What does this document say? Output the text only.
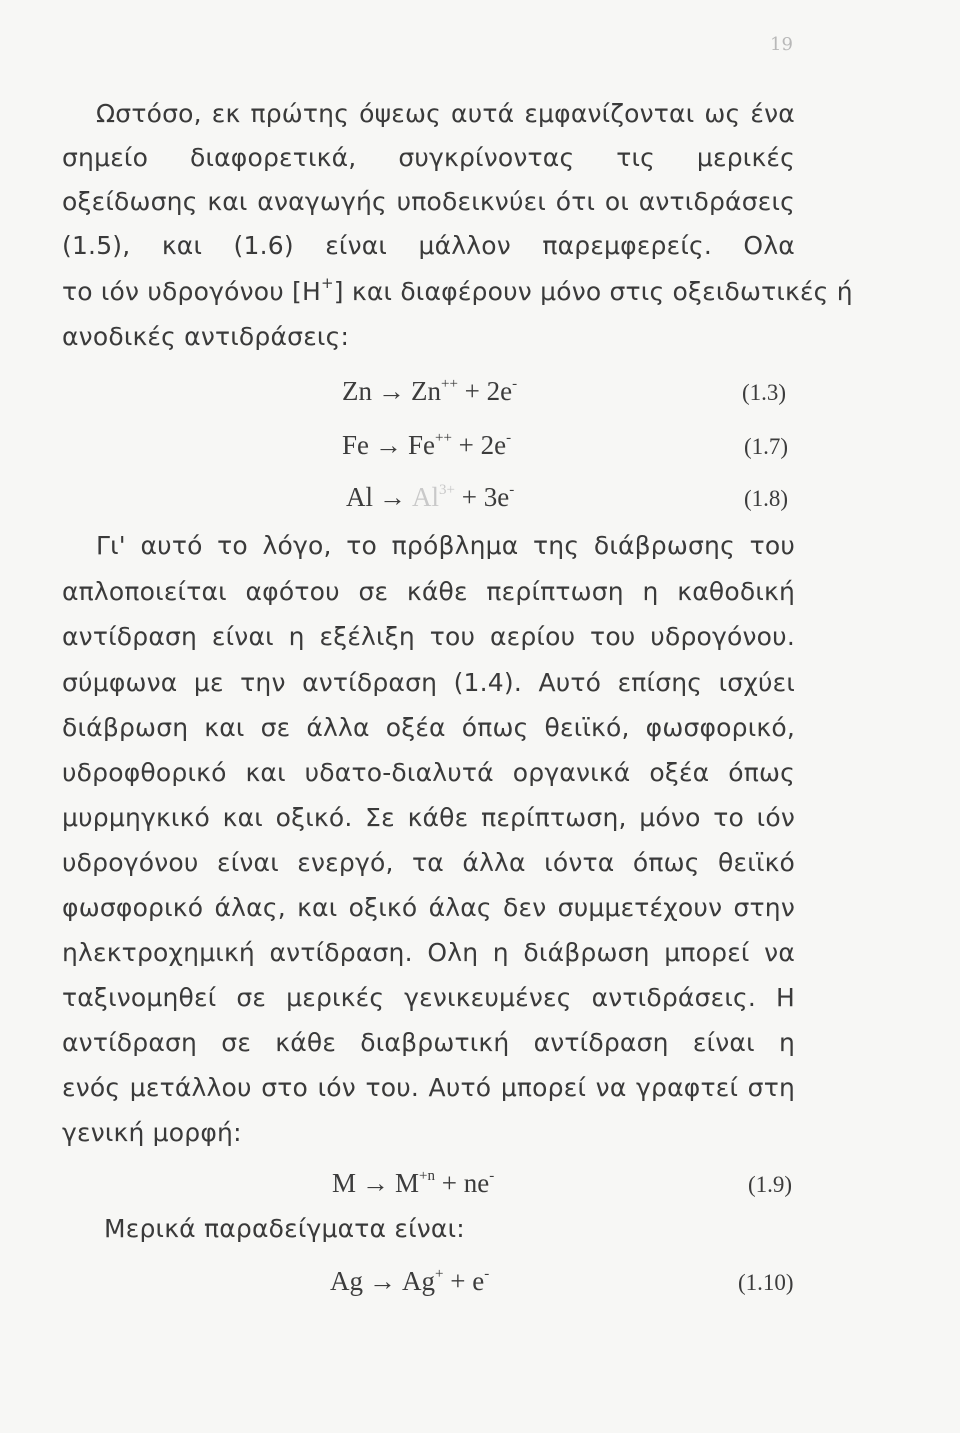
19
Ωστόσο, εκ πρώτης όψεως αυτά εμφανίζονται ως ένα
σημείο διαφορετικά, συγκρίνοντας τις μερικές
οξείδωσης και αναγωγής υποδεικνύει ότι οι αντιδράσεις
(1.5), και (1.6) είναι μάλλον παρεμφερείς. Ολα
το ιόν υδρογόνου [H+] και διαφέρουν μόνο στις οξειδωτικές ή
ανοδικές αντιδράσεις:
Zn → Zn++ + 2e-	(1.3)
Fe → Fe++ + 2e-	(1.7)
$Al \to Al^{3+} + 3e^-$	(1.8)
Γι' αυτό το λόγο, το πρόβλημα της διάβρωσης του
απλοποιείται αφότου σε κάθε περίπτωση η καθοδική
αντίδραση είναι η εξέλιξη του αερίου του υδρογόνου.
σύμφωνα με την αντίδραση (1.4). Αυτό επίσης ισχύει
διάβρωση και σε άλλα οξέα όπως θειϊκό, φωσφορικό,
υδροφθορικό και υδατο-διαλυτά οργανικά οξέα όπως
μυρμηγκικό και οξικό. Σε κάθε περίπτωση, μόνο το ιόν
υδρογόνου είναι ενεργό, τα άλλα ιόντα όπως θειϊκό
φωσφορικό άλας, και οξικό άλας δεν συμμετέχουν στην
ηλεκτροχημική αντίδραση. Ολη η διάβρωση μπορεί να
ταξινομηθεί σε μερικές γενικευμένες αντιδράσεις. Η
αντίδραση σε κάθε διαβρωτική αντίδραση είναι η
ενός μετάλλου στο ιόν του. Αυτό μπορεί να γραφτεί στη
γενική μορφή:
$M \to M^{+n} + ne^-$	(1.9)
Μερικά παραδείγματα είναι:
Ag → Ag+ + e-	(1.10)
